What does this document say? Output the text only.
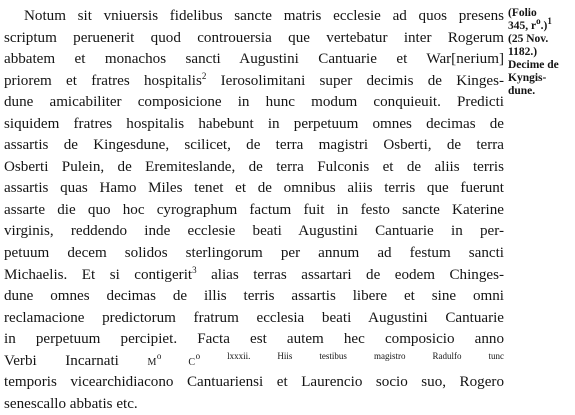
Notum sit vniuersis fidelibus sancte matris ecclesie ad quos presens
scriptum peruenerit quod controuersia que vertebatur inter Rogerum
abbatem et monachos sancti Augustini Cantuarie et War[nerium]
priorem et fratres hospitalis$^2$ Ierosolimitani super decimis de Kinges-
dune amicabiliter composicione in hunc modum conquieuit. Predicti
siquidem fratres hospitalis habebunt in perpetuum omnes decimas de
assartis de Kingesdune, scilicet, de terra magistri Osberti, de terra
Osberti Pulein, de Eremiteslande, de terra Fulconis et de aliis terris
assartis quas Hamo Miles tenet et de omnibus aliis terris que fuerunt
assarte die quo hoc cyrographum factum fuit in festo sancte Katerine
virginis, reddendo inde ecclesie beati Augustini Cantuarie in per-
petuum decem solidos sterlingorum per annum ad festum sancti
Michaelis. Et si contigerit$^3$ alias terras assartari de eodem Chinges-
dune omnes decimas de illis terris assartis libere et sine omni
reclamacione predictorum fratrum ecclesia beati Augustini Cantuarie
in perpetuum percipiet. Facta est autem hec composicio anno
Verbi Incarnati $M^o$ $C^{o lxxxii. Hiis testibus magistro Radulfo tunc}$
temporis vicearchidiacono Cantuariensi et Laurencio socio suo, Rogero
senescallo abbatis etc.
(Folio
345, $r^o.)^1$
(25 Nov.
1182.)
Decime de
Kyngis-
dune.
